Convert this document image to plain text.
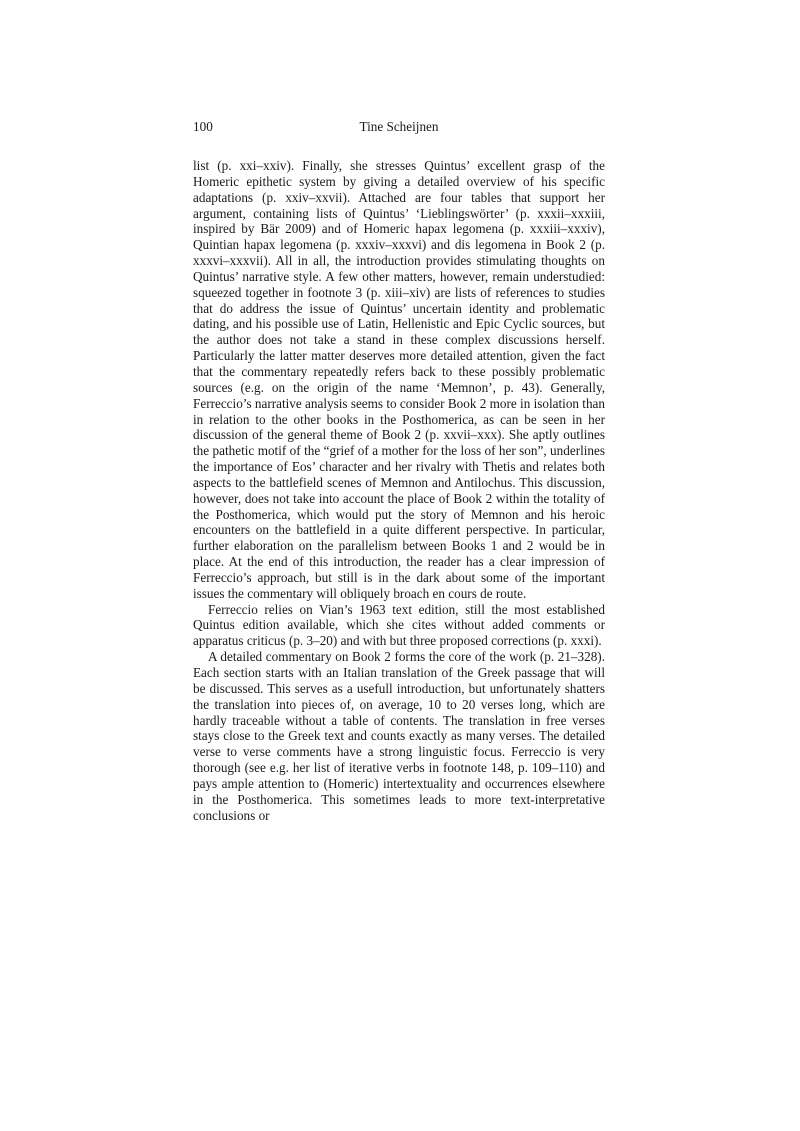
100	Tine Scheijnen

list (p. xxi–xxiv). Finally, she stresses Quintus’ excellent grasp of the Homeric epithetic system by giving a detailed overview of his specific adaptations (p. xxiv–xxvii). Attached are four tables that support her argument, containing lists of Quintus’ ‘Lieblingswörter’ (p. xxxii–xxxiii, inspired by Bär 2009) and of Homeric hapax legomena (p. xxxiii–xxxiv), Quintian hapax legomena (p. xxxiv–xxxvi) and dis legomena in Book 2 (p. xxxvi–xxxvii). All in all, the introduction provides stimulating thoughts on Quintus’ narrative style. A few other matters, however, remain understudied: squeezed together in footnote 3 (p. xiii–xiv) are lists of references to studies that do address the issue of Quintus’ uncertain identity and problematic dating, and his possible use of Latin, Hellenistic and Epic Cyclic sources, but the author does not take a stand in these complex discussions herself. Particularly the latter matter deserves more detailed attention, given the fact that the commentary repeatedly refers back to these possibly problematic sources (e.g. on the origin of the name ‘Memnon’, p. 43). Generally, Ferreccio’s narrative analysis seems to consider Book 2 more in isolation than in relation to the other books in the Posthomerica, as can be seen in her discussion of the general theme of Book 2 (p. xxvii–xxx). She aptly outlines the pathetic motif of the “grief of a mother for the loss of her son”, underlines the importance of Eos’ character and her rivalry with Thetis and relates both aspects to the battlefield scenes of Memnon and Antilochus. This discussion, however, does not take into account the place of Book 2 within the totality of the Posthomerica, which would put the story of Memnon and his heroic encounters on the battlefield in a quite different perspective. In particular, further elaboration on the parallelism between Books 1 and 2 would be in place. At the end of this introduction, the reader has a clear impression of Ferreccio’s approach, but still is in the dark about some of the important issues the commentary will obliquely broach en cours de route.

Ferreccio relies on Vian’s 1963 text edition, still the most established Quintus edition available, which she cites without added comments or apparatus criticus (p. 3–20) and with but three proposed corrections (p. xxxi).

A detailed commentary on Book 2 forms the core of the work (p. 21–328). Each section starts with an Italian translation of the Greek passage that will be discussed. This serves as a usefull introduction, but unfortunately shatters the translation into pieces of, on average, 10 to 20 verses long, which are hardly traceable without a table of contents. The translation in free verses stays close to the Greek text and counts exactly as many verses. The detailed verse to verse comments have a strong linguistic focus. Ferreccio is very thorough (see e.g. her list of iterative verbs in footnote 148, p. 109–110) and pays ample attention to (Homeric) intertextuality and occurrences elsewhere in the Posthomerica. This sometimes leads to more text-interpretative conclusions or
